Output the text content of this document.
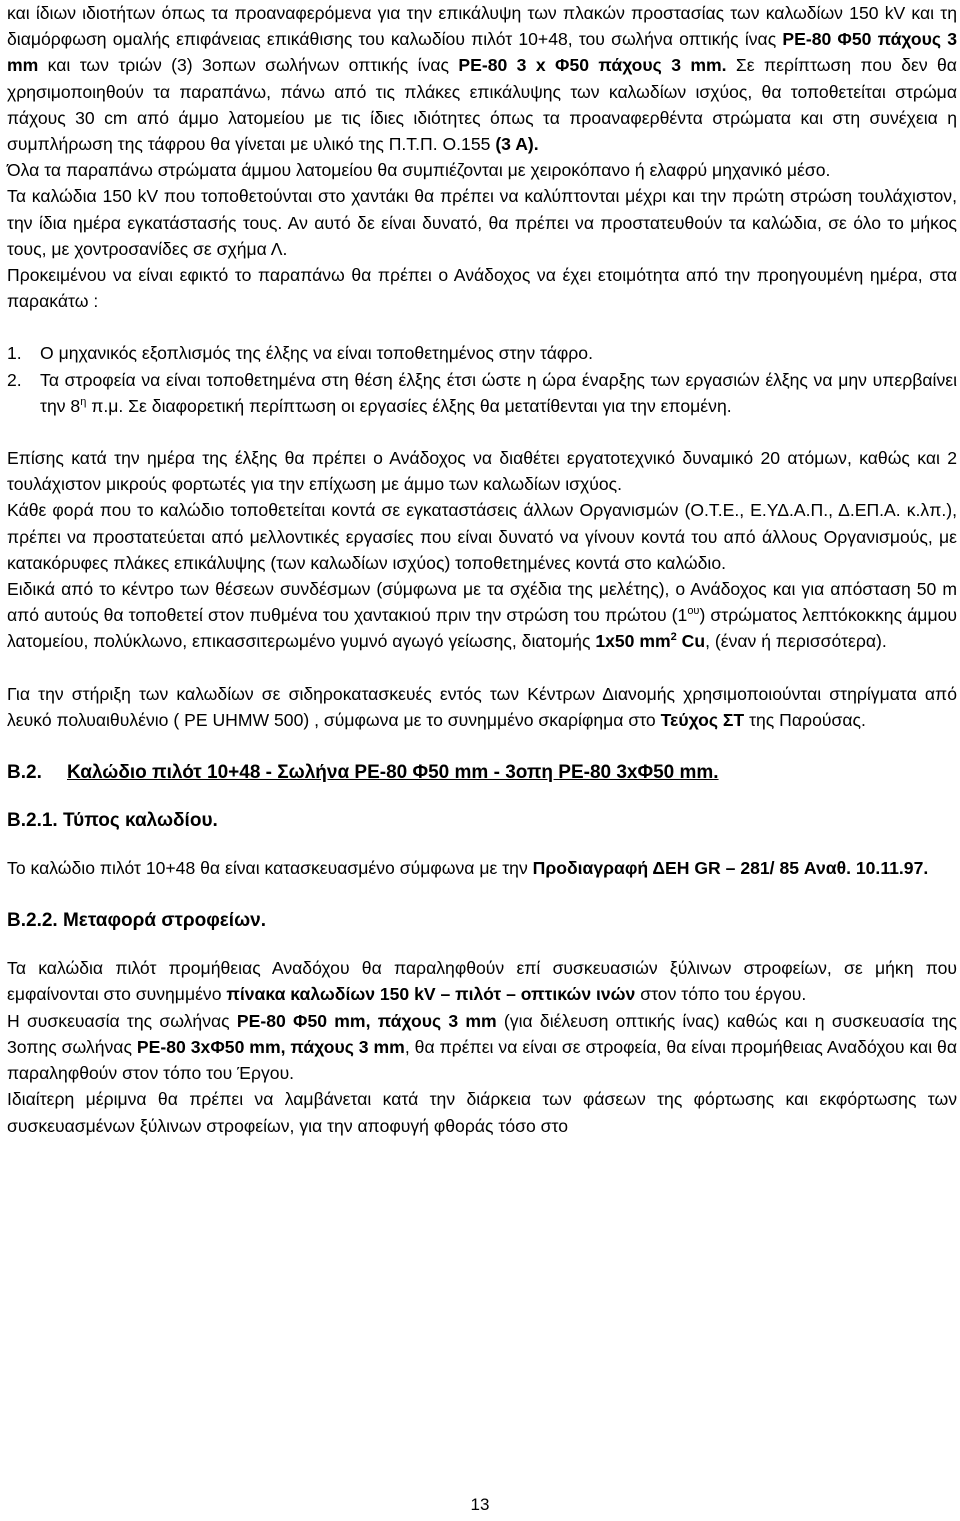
και ίδιων ιδιοτήτων όπως τα προαναφερόμενα για την επικάλυψη των πλακών προστασίας των καλωδίων 150 kV και τη διαμόρφωση ομαλής επιφάνειας επικάθισης του καλωδίου πιλότ 10+48, του σωλήνα οπτικής ίνας PE-80 Φ50 πάχους 3 mm και των τριών (3) 3οπων σωλήνων οπτικής ίνας PE-80 3 x Φ50 πάχους 3 mm. Σε περίπτωση που δεν θα χρησιμοποιηθούν τα παραπάνω, πάνω από τις πλάκες επικάλυψης των καλωδίων ισχύος, θα τοποθετείται στρώμα πάχους 30 cm από άμμο λατομείου με τις ίδιες ιδιότητες όπως τα προαναφερθέντα στρώματα και στη συνέχεια η συμπλήρωση της τάφρου θα γίνεται με υλικό της Π.Τ.Π. Ο.155 (3 Α).

Όλα τα παραπάνω στρώματα άμμου λατομείου θα συμπιέζονται με χειροκόπανο ή ελαφρύ μηχανικό μέσο.

Τα καλώδια 150 kV που τοποθετούνται στο χαντάκι θα πρέπει να καλύπτονται μέχρι και την πρώτη στρώση τουλάχιστον, την ίδια ημέρα εγκατάστασής τους. Αν αυτό δε είναι δυνατό, θα πρέπει να προστατευθούν τα καλώδια, σε όλο το μήκος τους, με χοντροσανίδες σε σχήμα Λ.

Προκειμένου να είναι εφικτό το παραπάνω θα πρέπει ο Ανάδοχος να έχει ετοιμότητα από την προηγουμένη ημέρα, στα παρακάτω :

1. Ο μηχανικός εξοπλισμός της έλξης να είναι τοποθετημένος στην τάφρο.

2. Τα στροφεία να είναι τοποθετημένα στη θέση έλξης έτσι ώστε η ώρα έναρξης των εργασιών έλξης να μην υπερβαίνει την $8^\eta$ π.μ. Σε διαφορετική περίπτωση οι εργασίες έλξης θα μετατίθενται για την επομένη.

Επίσης κατά την ημέρα της έλξης θα πρέπει ο Ανάδοχος να διαθέτει εργατοτεχνικό δυναμικό 20 ατόμων, καθώς και 2 τουλάχιστον μικρούς φορτωτές για την επίχωση με άμμο των καλωδίων ισχύος.

Κάθε φορά που το καλώδιο τοποθετείται κοντά σε εγκαταστάσεις άλλων Οργανισμών (Ο.Τ.Ε., Ε.ΥΔ.Α.Π., Δ.ΕΠ.Α. κ.λπ.), πρέπει να προστατεύεται από μελλοντικές εργασίες που είναι δυνατό να γίνουν κοντά του από άλλους Οργανισμούς, με κατακόρυφες πλάκες επικάλυψης (των καλωδίων ισχύος) τοποθετημένες κοντά στο καλώδιο.

Ειδικά από το κέντρο των θέσεων συνδέσμων (σύμφωνα με τα σχέδια της μελέτης), ο Ανάδοχος και για απόσταση 50 m από αυτούς θα τοποθετεί στον πυθμένα του χαντακιού πριν την στρώση του πρώτου $(1^{o\upsilon})$ στρώματος λεπτόκοκκης άμμου λατομείου, πολύκλωνο, επικασσιτερωμένο γυμνό αγωγό γείωσης, διατομής 1x50 $mm^2$ Cu, (έναν ή περισσότερα).

Για την στήριξη των καλωδίων σε σιδηροκατασκευές εντός των Κέντρων Διανομής χρησιμοποιούνται στηρίγματα από λευκό πολυαιθυλένιο ( PE UHMW 500) , σύμφωνα με το συνημμένο σκαρίφημα στο Τεύχος ΣΤ της Παρούσας.

Β.2. Καλώδιο πιλότ 10+48 - Σωλήνα PE-80 Φ50 mm - 3οπη PE-80 3xΦ50 mm.

Β.2.1. Τύπος καλωδίου.

Το καλώδιο πιλότ 10+48 θα είναι κατασκευασμένο σύμφωνα με την Προδιαγραφή ΔΕΗ GR – 281/ 85 Αναθ. 10.11.97.

Β.2.2. Μεταφορά στροφείων.

Τα καλώδια πιλότ προμήθειας Αναδόχου θα παραληφθούν επί συσκευασιών ξύλινων στροφείων, σε μήκη που εμφαίνονται στο συνημμένο πίνακα καλωδίων 150 kV – πιλότ – οπτικών ινών στον τόπο του έργου.

Η συσκευασία της σωλήνας PE-80 Φ50 mm, πάχους 3 mm (για διέλευση οπτικής ίνας) καθώς και η συσκευασία της 3οπης σωλήνας PE-80 3xΦ50 mm, πάχους 3 mm, θα πρέπει να είναι σε στροφεία, θα είναι προμήθειας Αναδόχου και θα παραληφθούν στον τόπο του Έργου.

Ιδιαίτερη μέριμνα θα πρέπει να λαμβάνεται κατά την διάρκεια των φάσεων της φόρτωσης και εκφόρτωσης των συσκευασμένων ξύλινων στροφείων, για την αποφυγή φθοράς τόσο στο

13
